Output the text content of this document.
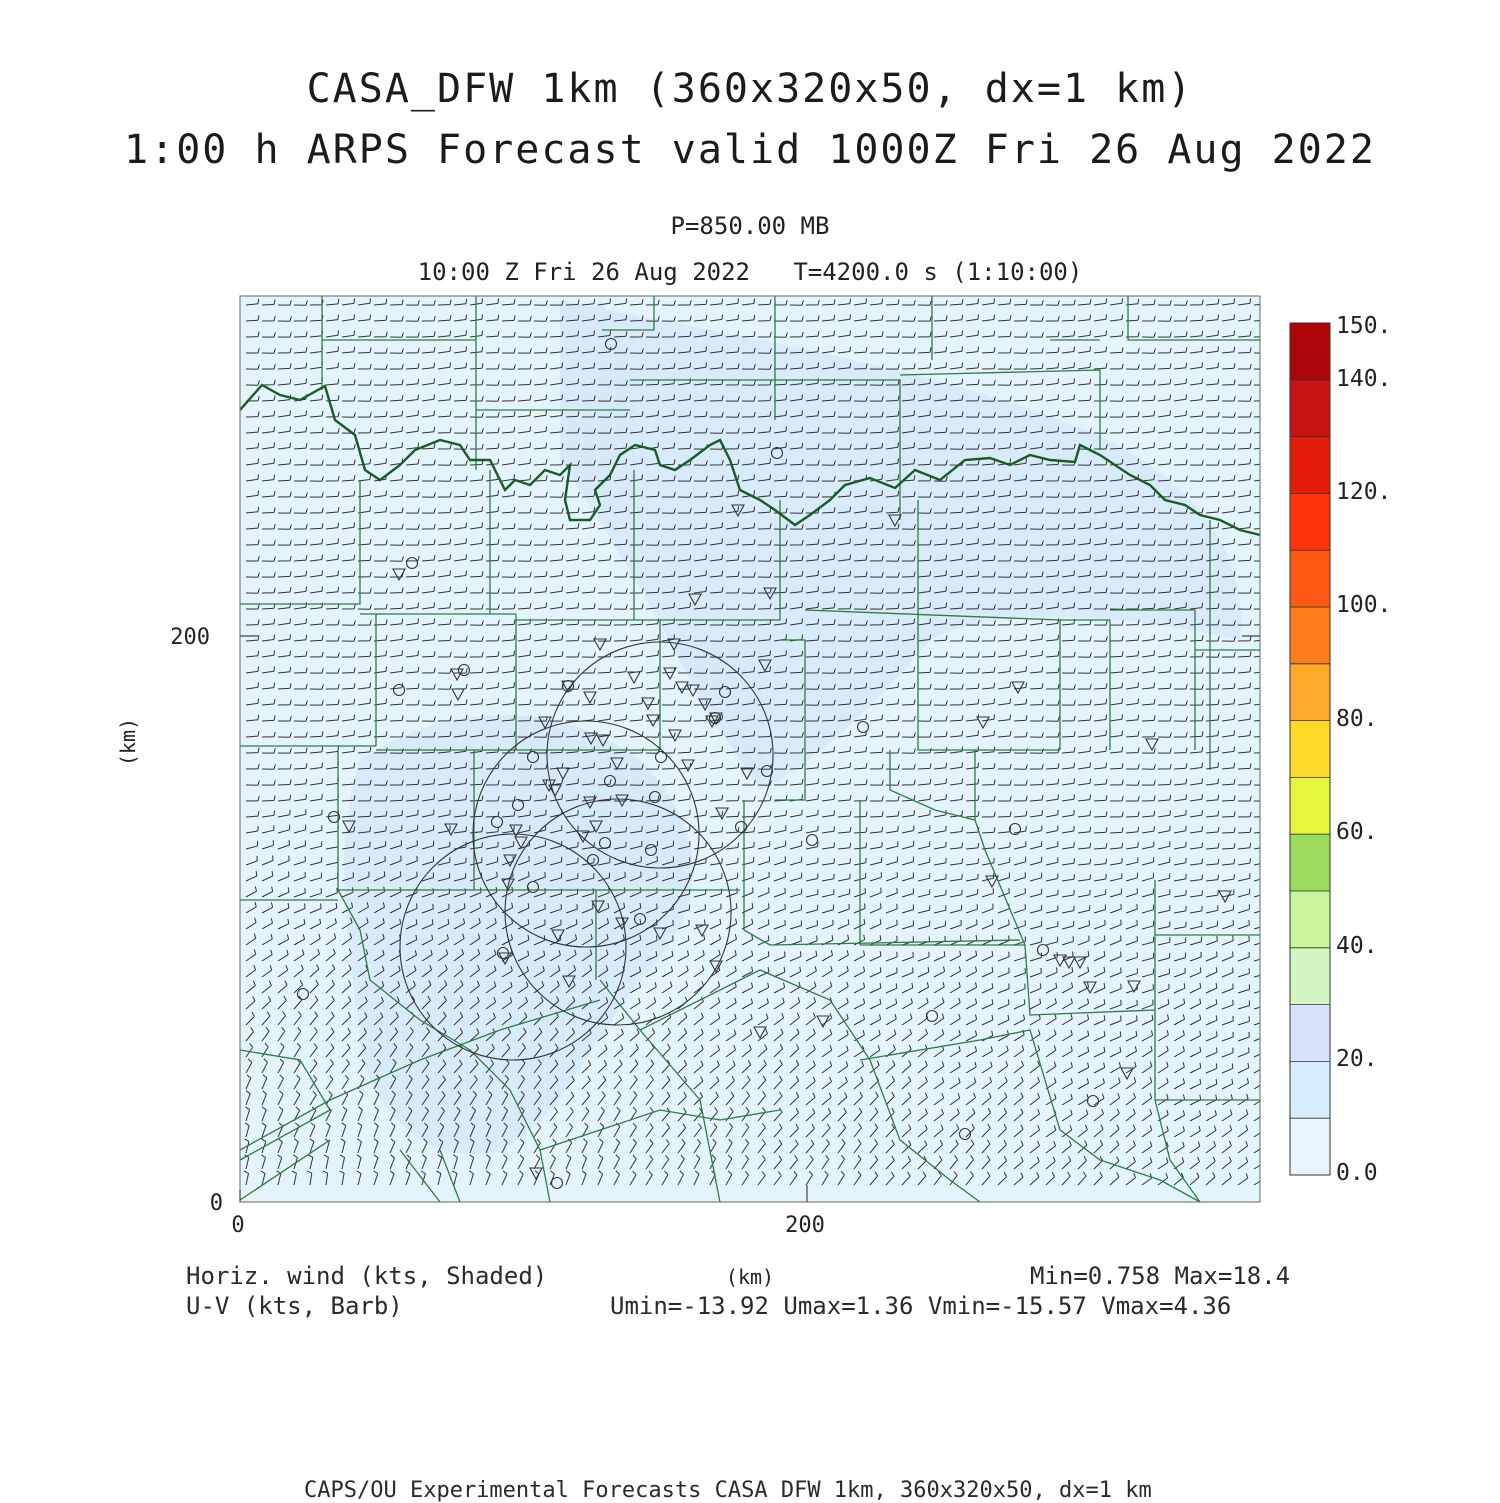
CASA_DFW 1km (360x320x50, dx=1 km)
1:00 h ARPS Forecast valid 1000Z Fri 26 Aug 2022
P=850.00 MB
10:00 Z Fri 26 Aug 2022   T=4200.0 s (1:10:00)
200
0
0	200
(km)
(km)
150.
140.
120.
100.
80.
60.
40.
20.
0.0
Horiz. wind (kts, Shaded)
U-V (kts, Barb)
Min=0.758 Max=18.4
Umin=-13.92 Umax=1.36 Vmin=-15.57 Vmax=4.36
CAPS/OU Experimental Forecasts CASA DFW 1km, 360x320x50, dx=1 km
